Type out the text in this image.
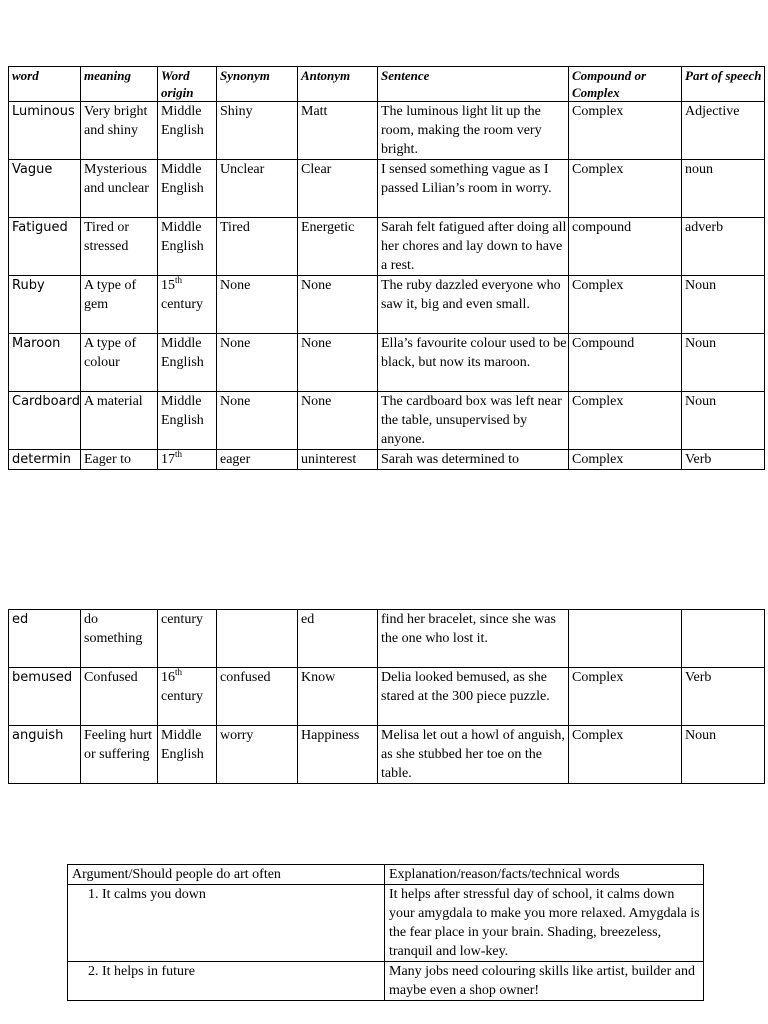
word	meaning	Word origin	Synonym	Antonym	Sentence	Compound or Complex	Part of speech
Luminous	Very bright and shiny	Middle English	Shiny	Matt	The luminous light lit up the room, making the room very bright.	Complex	Adjective
Vague	Mysterious and unclear	Middle English	Unclear	Clear	I sensed something vague as I passed Lilian’s room in worry.	Complex	noun
Fatigued	Tired or stressed	Middle English	Tired	Energetic	Sarah felt fatigued after doing all her chores and lay down to have a rest.	compound	adverb
Ruby	A type of gem	15th century	None	None	The ruby dazzled everyone who saw it, big and even small.	Complex	Noun
Maroon	A type of colour	Middle English	None	None	Ella’s favourite colour used to be black, but now its maroon.	Compound	Noun
Cardboard	A material	Middle English	None	None	The cardboard box was left near the table, unsupervised by anyone.	Complex	Noun
determin	Eager to	17th	eager	uninterest	Sarah was determined to	Complex	Verb
ed	do something	century		ed	find her bracelet, since she was the one who lost it.		
bemused	Confused	16th century	confused	Know	Delia looked bemused, as she stared at the 300 piece puzzle.	Complex	Verb
anguish	Feeling hurt or suffering	Middle English	worry	Happiness	Melisa let out a howl of anguish, as she stubbed her toe on the table.	Complex	Noun
Argument/Should people do art often	Explanation/reason/facts/technical words
1. It calms you down	It helps after stressful day of school, it calms down your amygdala to make you more relaxed. Amygdala is the fear place in your brain. Shading, breezeless, tranquil and low-key.
2. It helps in future	Many jobs need colouring skills like artist, builder and maybe even a shop owner!
